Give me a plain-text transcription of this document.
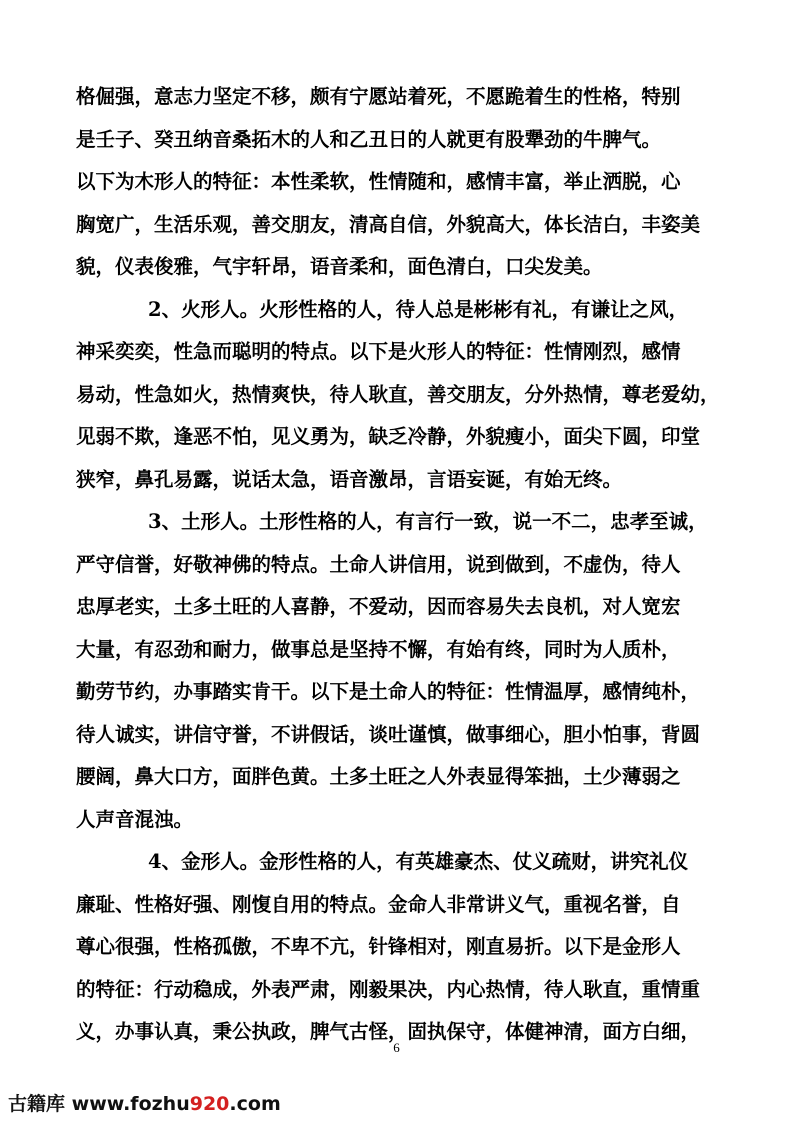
格倔强，意志力坚定不移，颇有宁愿站着死，不愿跪着生的性格，特别
是壬子、癸丑纳音桑拓木的人和乙丑日的人就更有股犟劲的牛脾气。
以下为木形人的特征：本性柔软，性情随和，感情丰富，举止洒脱，心
胸宽广，生活乐观，善交朋友，清高自信，外貌高大，体长洁白，丰姿美
貌，仪表俊雅，气宇轩昂，语音柔和，面色清白，口尖发美。
2、火形人。火形性格的人，待人总是彬彬有礼，有谦让之风，
神采奕奕，性急而聪明的特点。以下是火形人的特征：性情刚烈，感情
易动，性急如火，热情爽快，待人耿直，善交朋友，分外热情，尊老爱幼，
见弱不欺，逢恶不怕，见义勇为，缺乏冷静，外貌瘦小，面尖下圆，印堂
狭窄，鼻孔易露，说话太急，语音激昂，言语妄诞，有始无终。
3、土形人。土形性格的人，有言行一致，说一不二，忠孝至诚，
严守信誉，好敬神佛的特点。土命人讲信用，说到做到，不虚伪，待人
忠厚老实，土多土旺的人喜静，不爱动，因而容易失去良机，对人宽宏
大量，有忍劲和耐力，做事总是坚持不懈，有始有终，同时为人质朴，
勤劳节约，办事踏实肯干。以下是土命人的特征：性情温厚，感情纯朴，
待人诚实，讲信守誉，不讲假话，谈吐谨慎，做事细心，胆小怕事，背圆
腰阔，鼻大口方，面胖色黄。土多土旺之人外表显得笨拙，土少薄弱之
人声音混浊。
4、金形人。金形性格的人，有英雄豪杰、仗义疏财，讲究礼仪
廉耻、性格好强、刚愎自用的特点。金命人非常讲义气，重视名誉，自
尊心很强，性格孤傲，不卑不亢，针锋相对，刚直易折。以下是金形人
的特征：行动稳成，外表严肃，刚毅果决，内心热情，待人耿直，重情重
义，办事认真，秉公执政，脾气古怪，固执保守，体健神清，面方白细，
6
古籍库 www.fozhu920.com
